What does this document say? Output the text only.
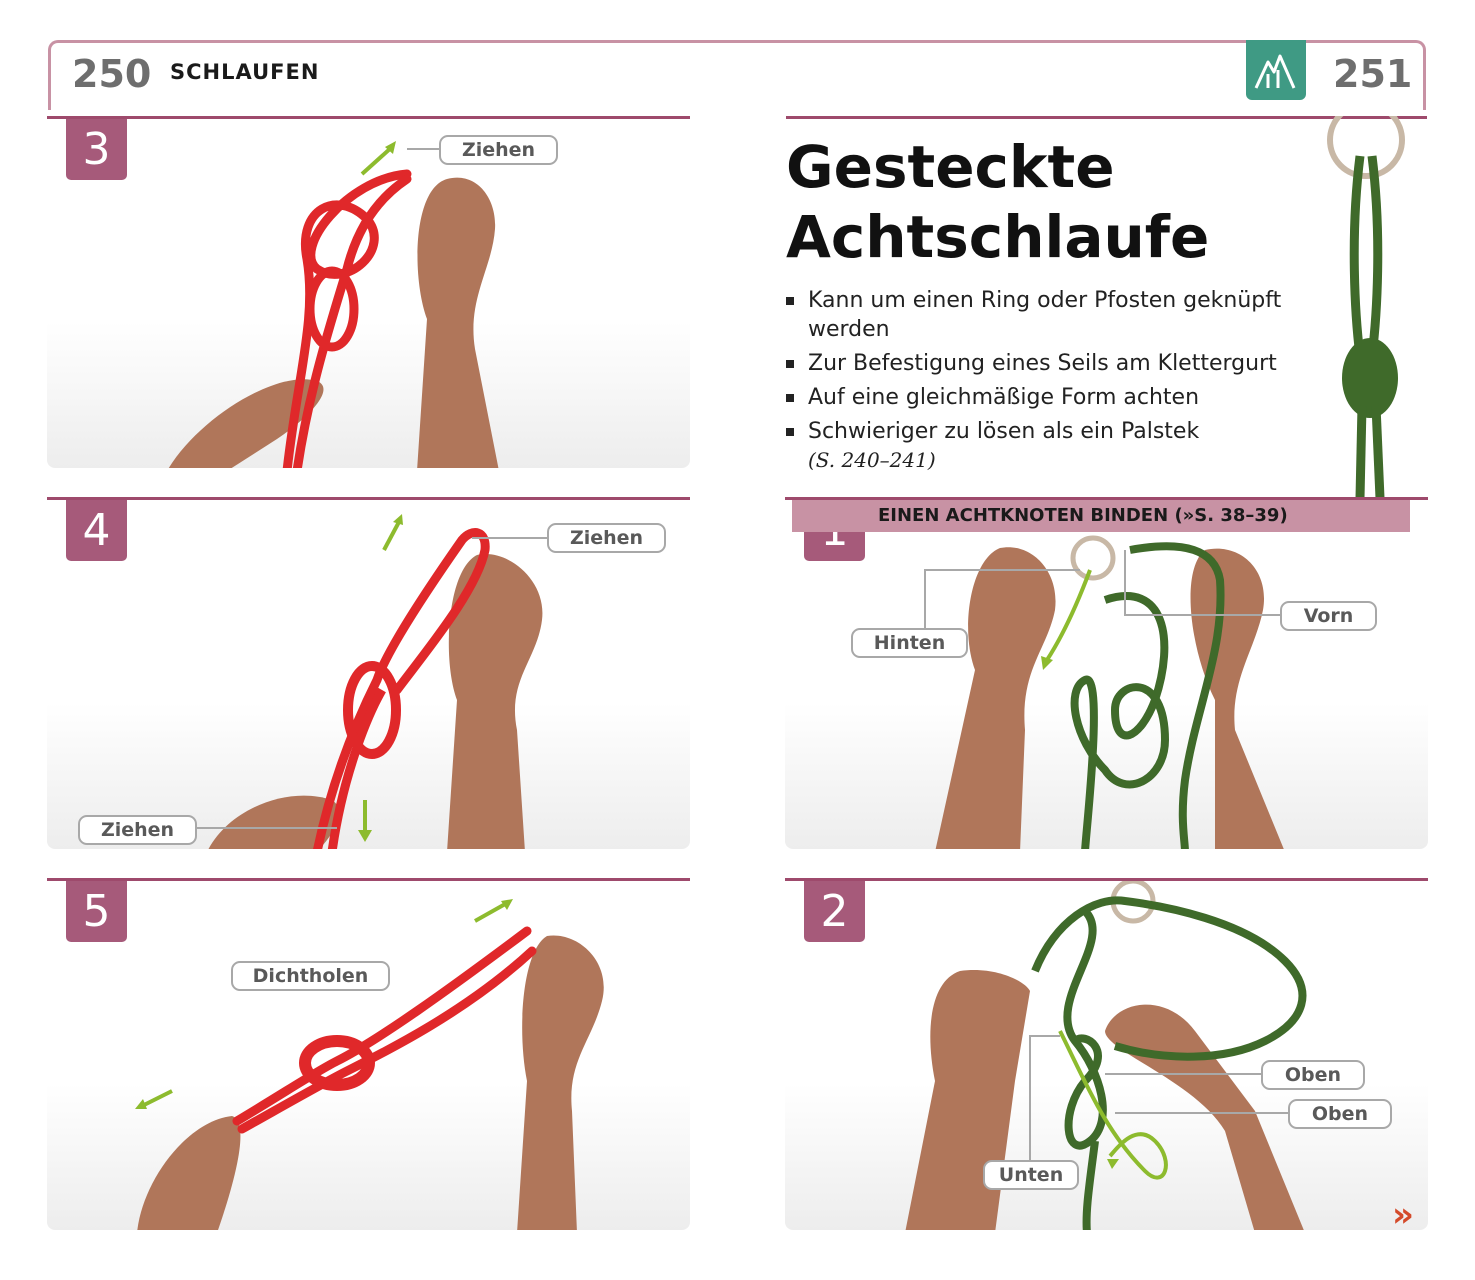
250 SCHLAUFEN	251
3	Ziehen
4	Ziehen
Ziehen
5
Dichtholen
Gesteckte
Achtschlaufe
Kann um einen Ring oder Pfosten geknüpft werden
Zur Befestigung eines Seils am Klettergurt
Auf eine gleichmäßige Form achten
Schwieriger zu lösen als ein Palstek
(S. 240–241)
Hinten
Vorn
EINEN ACHTKNOTEN BINDEN (»S. 38–39)
2
Oben
Oben
Unten
»
